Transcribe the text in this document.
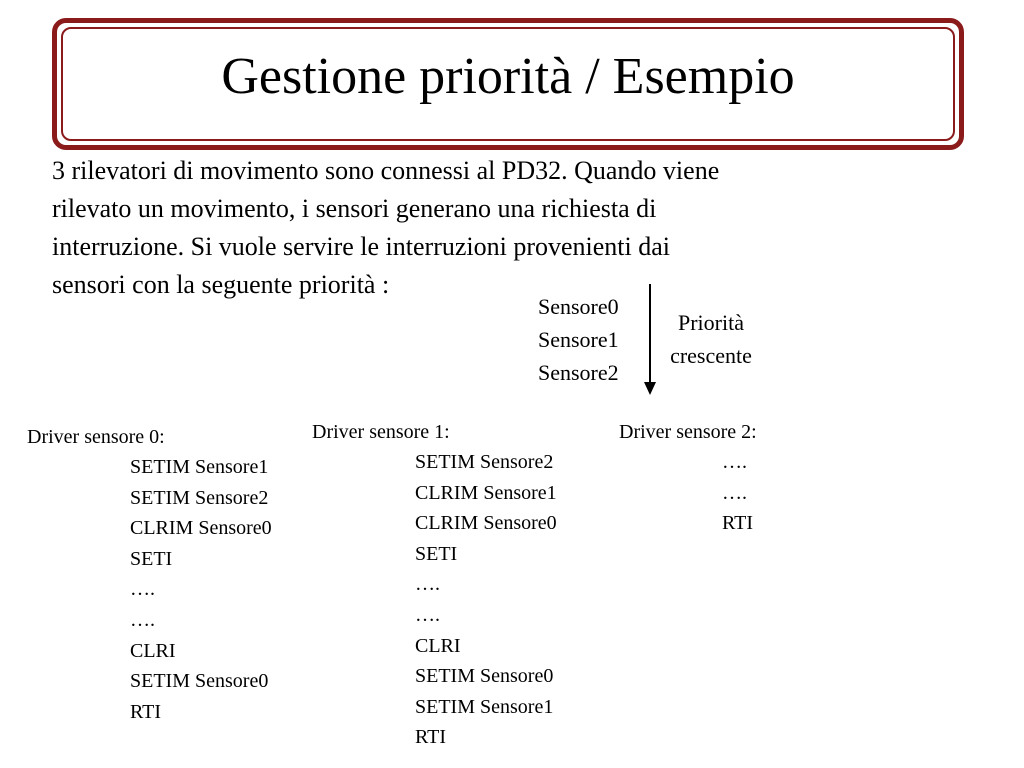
Gestione priorità / Esempio
3 rilevatori di movimento sono connessi al PD32. Quando viene
rilevato un movimento, i sensori generano una richiesta di
interruzione. Si vuole servire le interruzioni provenienti dai
sensori con la seguente priorità :
Sensore0
Sensore1
Sensore2
Priorità
crescente
Driver sensore 0:
SETIM Sensore1
SETIM Sensore2
CLRIM Sensore0
SETI
….
….
CLRI
SETIM Sensore0
RTI
Driver sensore 1:
SETIM Sensore2
CLRIM Sensore1
CLRIM Sensore0
SETI
….
….
CLRI
SETIM Sensore0
SETIM Sensore1
RTI
Driver sensore 2:
….
….
RTI
